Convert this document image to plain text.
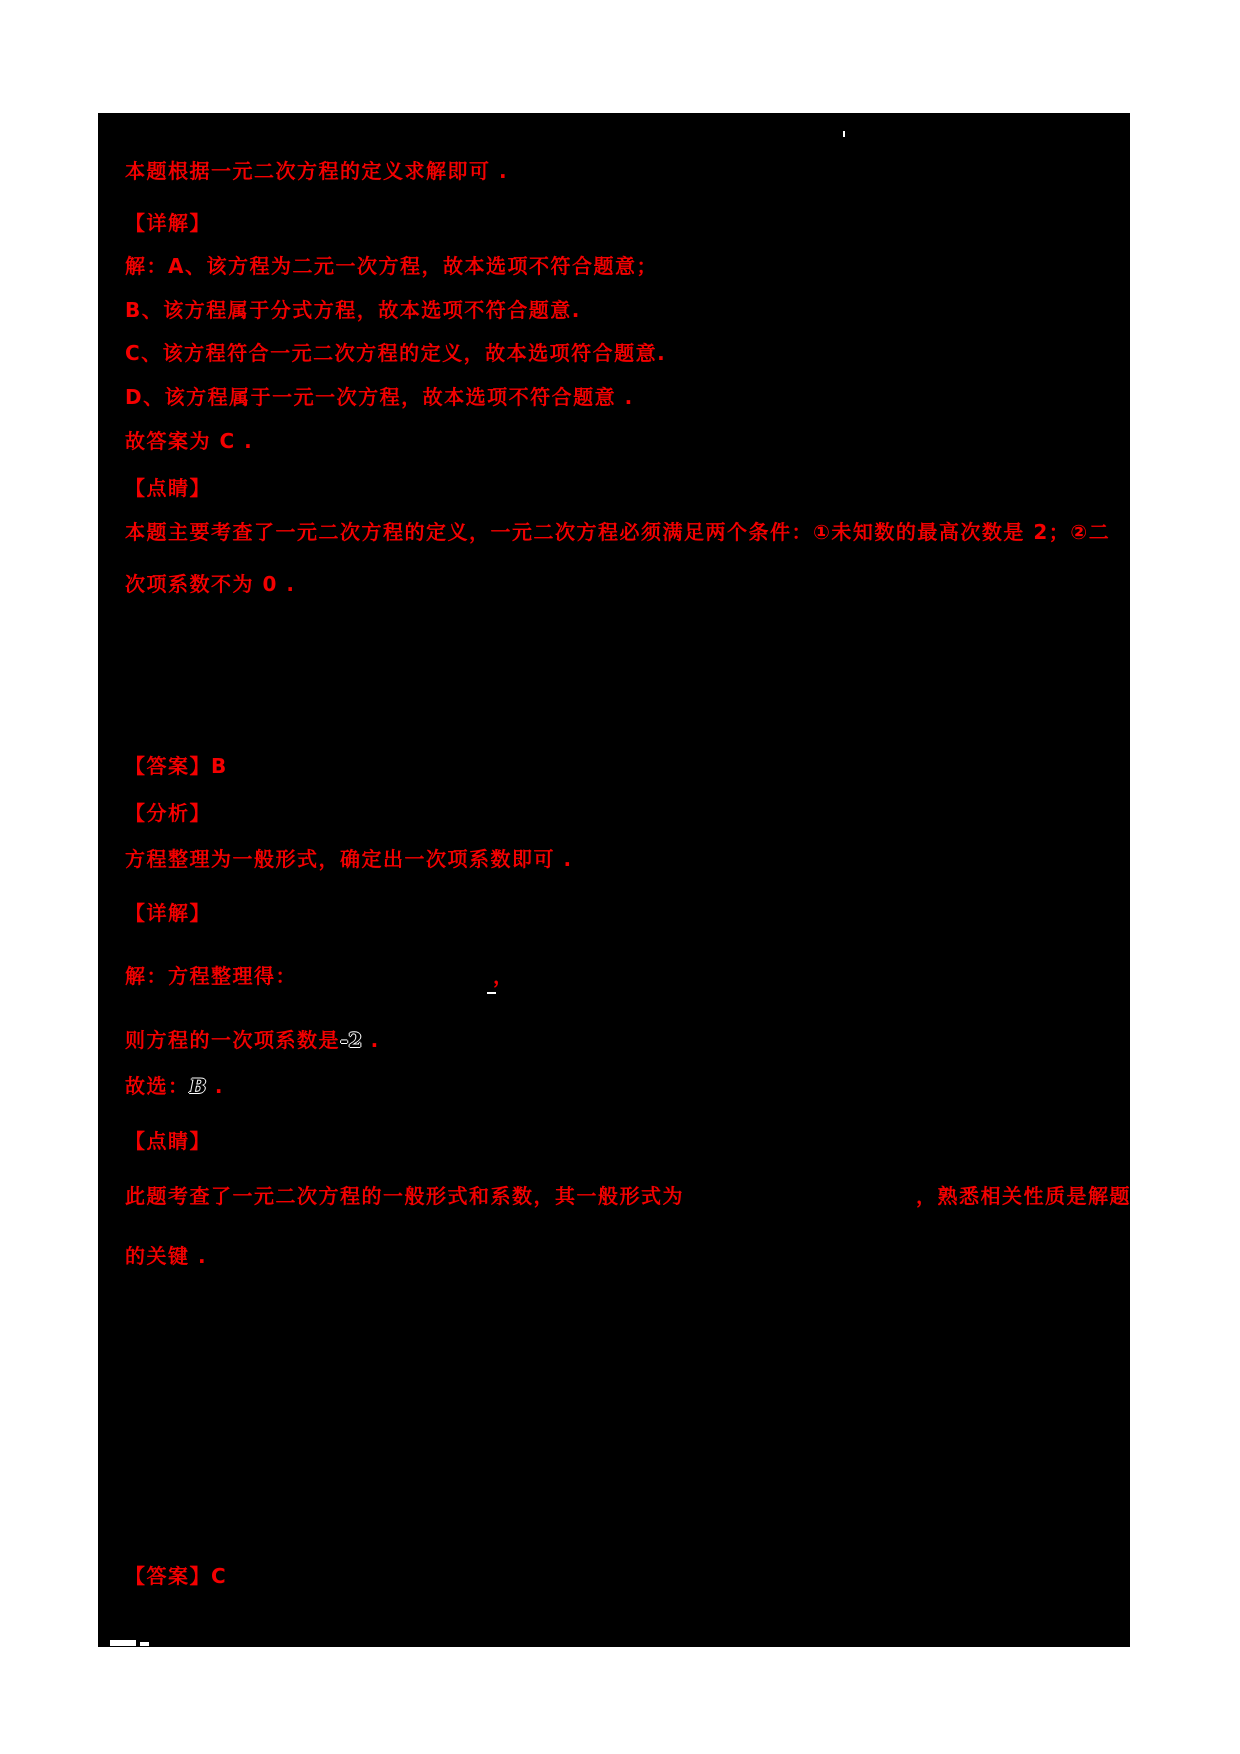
本题根据一元二次方程的定义求解即可 .
【详解】
解：A、该方程为二元一次方程，故本选项不符合题意；
B、该方程属于分式方程，故本选项不符合题意.
C、该方程符合一元二次方程的定义，故本选项符合题意.
D、该方程属于一元一次方程，故本选项不符合题意 .
故答案为 C .
【点睛】
本题主要考查了一元二次方程的定义，一元二次方程必须满足两个条件：①未知数的最高次数是 2；②二
次项系数不为 0 .
【答案】B
【分析】
方程整理为一般形式，确定出一次项系数即可 .
【详解】
解：方程整理得：	，
则方程的一次项系数是-2 .
故选：B .
【点睛】
此题考查了一元二次方程的一般形式和系数，其一般形式为	，熟悉相关性质是解题
的关键 .
【答案】C
